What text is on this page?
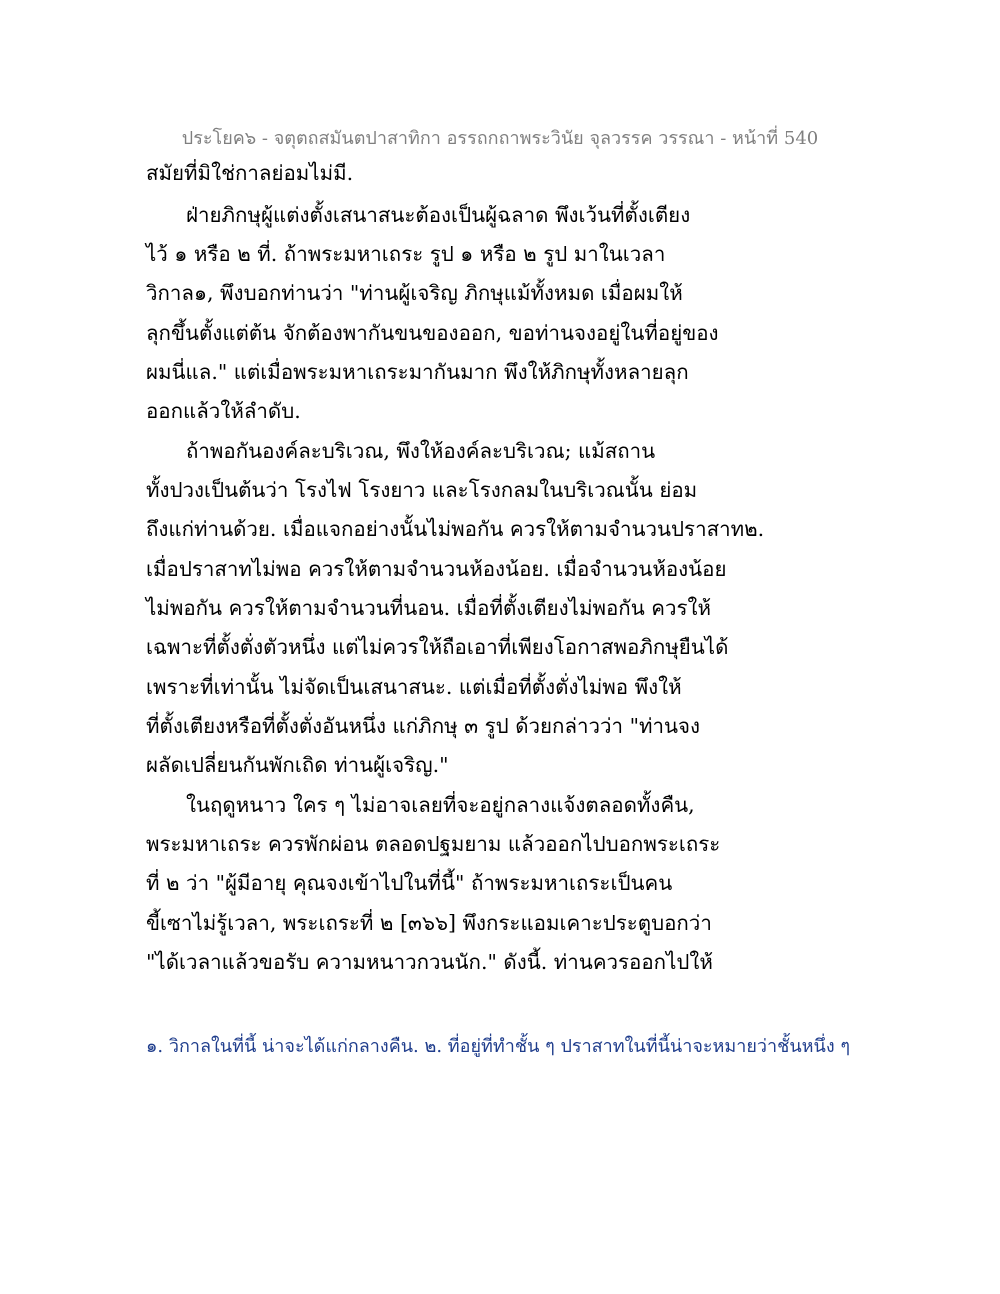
ประโยค๖ - จตุตถสมันตปาสาทิกา อรรถกถาพระวินัย จุลวรรค วรรณา - หน้าที่ 540
สมัยที่มิใช่กาลย่อมไม่มี.
ฝ่ายภิกษุผู้แต่งตั้งเสนาสนะต้องเป็นผู้ฉลาด พึงเว้นที่ตั้งเตียง
ไว้ ๑ หรือ ๒ ที่. ถ้าพระมหาเถระ รูป ๑ หรือ ๒ รูป มาในเวลา
วิกาล๑, พึงบอกท่านว่า "ท่านผู้เจริญ ภิกษุแม้ทั้งหมด เมื่อผมให้
ลุกขึ้นตั้งแต่ต้น จักต้องพากันขนของออก, ขอท่านจงอยู่ในที่อยู่ของ
ผมนี่แล." แต่เมื่อพระมหาเถระมากันมาก พึงให้ภิกษุทั้งหลายลุก
ออกแล้วให้ลำดับ.
ถ้าพอกันองค์ละบริเวณ, พึงให้องค์ละบริเวณ; แม้สถาน
ทั้งปวงเป็นต้นว่า โรงไฟ โรงยาว และโรงกลมในบริเวณนั้น ย่อม
ถึงแก่ท่านด้วย. เมื่อแจกอย่างนั้นไม่พอกัน ควรให้ตามจำนวนปราสาท๒.
เมื่อปราสาทไม่พอ ควรให้ตามจำนวนห้องน้อย. เมื่อจำนวนห้องน้อย
ไม่พอกัน ควรให้ตามจำนวนที่นอน. เมื่อที่ตั้งเตียงไม่พอกัน ควรให้
เฉพาะที่ตั้งตั่งตัวหนึ่ง แต่ไม่ควรให้ถือเอาที่เพียงโอกาสพอภิกษุยืนได้
เพราะที่เท่านั้น ไม่จัดเป็นเสนาสนะ. แต่เมื่อที่ตั้งตั่งไม่พอ พึงให้
ที่ตั้งเตียงหรือที่ตั้งตั่งอันหนึ่ง แก่ภิกษุ ๓ รูป ด้วยกล่าวว่า "ท่านจง
ผลัดเปลี่ยนกันพักเถิด ท่านผู้เจริญ."
ในฤดูหนาว ใคร ๆ ไม่อาจเลยที่จะอยู่กลางแจ้งตลอดทั้งคืน,
พระมหาเถระ ควรพักผ่อน ตลอดปฐมยาม แล้วออกไปบอกพระเถระ
ที่ ๒ ว่า "ผู้มีอายุ คุณจงเข้าไปในที่นี้" ถ้าพระมหาเถระเป็นคน
ขี้เซาไม่รู้เวลา, พระเถระที่ ๒ [๓๖๖] พึงกระแอมเคาะประตูบอกว่า
"ได้เวลาแล้วขอรับ ความหนาวกวนนัก." ดังนี้. ท่านควรออกไปให้
๑. วิกาลในที่นี้ น่าจะได้แก่กลางคืน. ๒. ที่อยู่ที่ทำชั้น ๆ ปราสาทในที่นี้น่าจะหมายว่าชั้นหนึ่ง ๆ
